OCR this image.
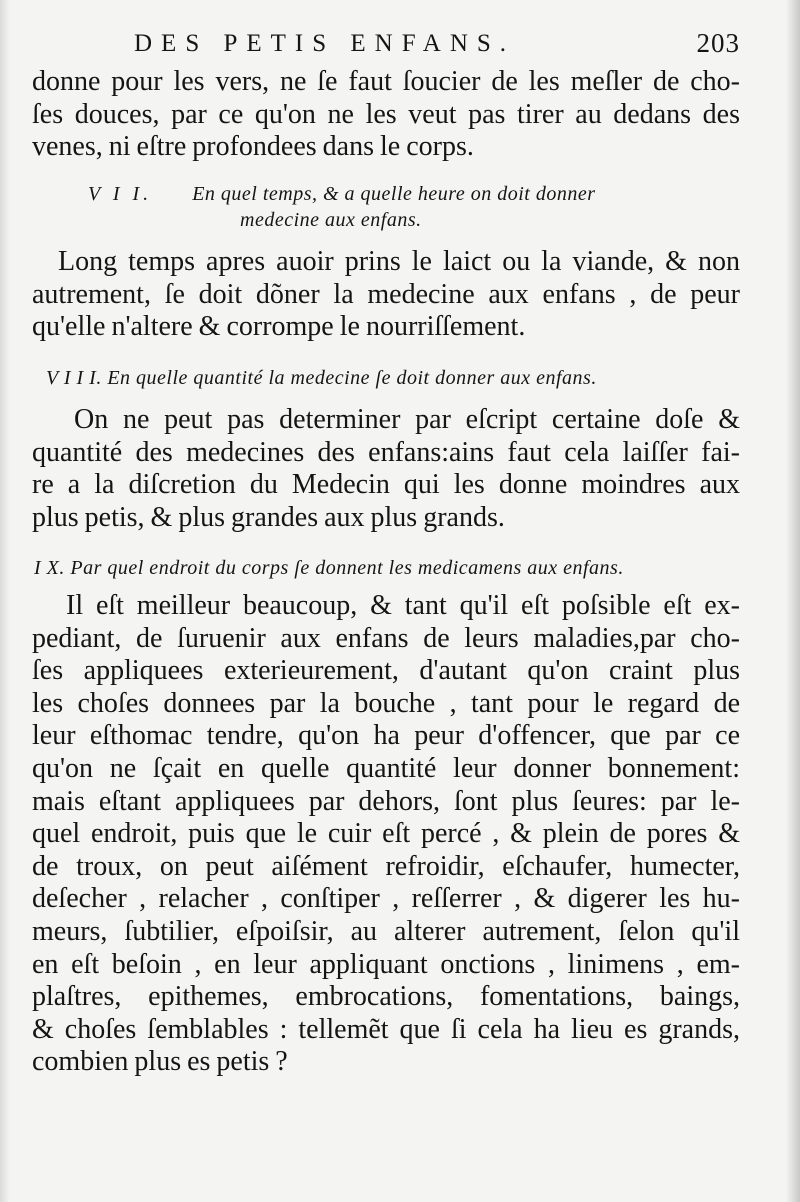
DES PETIS ENFANS.	203
donne pour les vers, ne ſe faut ſoucier de les meſler de cho-
ſes douces, par ce qu'on ne les veut pas tirer au dedans des
venes, ni eſtre profondees dans le corps.
V I I. En quel temps, & a quelle heure on doit donner
medecine aux enfans.
Long temps apres auoir prins le laict ou la viande, & non
autrement, ſe doit dõner la medecine aux enfans , de peur
qu'elle n'altere & corrompe le nourriſſement.
V I I I. En quelle quantité la medecine ſe doit donner aux enfans.
On ne peut pas determiner par eſcript certaine doſe &
quantité des medecines des enfans:ains faut cela laiſſer fai-
re a la diſcretion du Medecin qui les donne moindres aux
plus petis, & plus grandes aux plus grands.
I X. Par quel endroit du corps ſe donnent les medicamens aux enfans.
Il eſt meilleur beaucoup, & tant qu'il eſt poſsible eſt ex-
pediant, de ſuruenir aux enfans de leurs maladies,par cho-
ſes appliquees exterieurement, d'autant qu'on craint plus
les choſes donnees par la bouche , tant pour le regard de
leur eſthomac tendre, qu'on ha peur d'offencer, que par ce
qu'on ne ſçait en quelle quantité leur donner bonnement:
mais eſtant appliquees par dehors, ſont plus ſeures: par le-
quel endroit, puis que le cuir eſt percé , & plein de pores &
de troux, on peut aiſément refroidir, eſchaufer, humecter,
deſecher , relacher , conſtiper , reſſerrer , & digerer les hu-
meurs, ſubtilier, eſpoiſsir, au alterer autrement, ſelon qu'il
en eſt beſoin , en leur appliquant onctions , linimens , em-
plaſtres, epithemes, embrocations, fomentations, baings,
& choſes ſemblables : tellemẽt que ſi cela ha lieu es grands,
combien plus es petis ?
